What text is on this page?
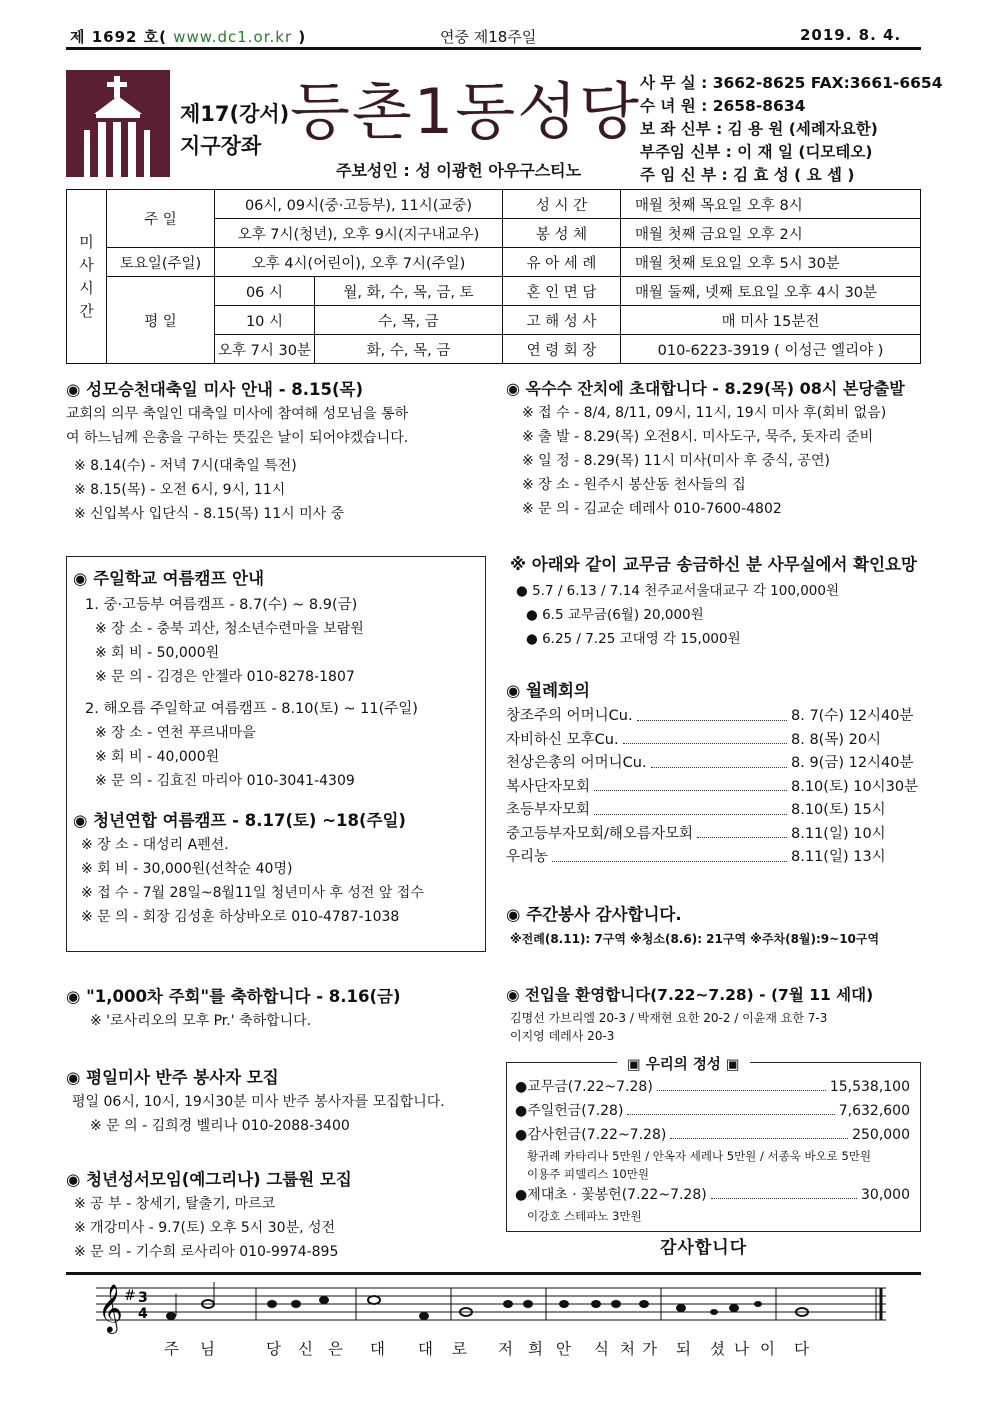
제 1692 호( www.dc1.or.kr )	연중 제18주일	2019. 8. 4.
제17(강서)
지구장좌 등촌1동성당
주보성인 : 성 이광헌 아우구스티노
사 무 실 : 3662-8625 FAX:3661-6654
수 녀 원 : 2658-8634
보 좌 신부 : 김 용 원 (세례자요한)
부주임 신부 : 이 재 일 (디모테오)
주 임 신 부 : 김 효 성 ( 요 셉 )
미
사
시
간	주 일	06시, 09시(중·고등부), 11시(교중)		성 시 간	매월 첫째 목요일 오후 8시
		오후 7시(청년), 오후 9시(지구내교우)		봉 성 체	매월 첫째 금요일 오후 2시
	토요일(주일)	오후 4시(어린이), 오후 7시(주일)		유 아 세 례	매월 첫째 토요일 오후 5시 30분
	평 일	06 시	월, 화, 수, 목, 금, 토	혼 인 면 담	매월 둘째, 넷째 토요일 오후 4시 30분
		10 시	수, 목, 금	고 해 성 사	매 미사 15분전
		오후 7시 30분	화, 수, 목, 금	연 령 회 장	010-6223-3919 ( 이성근 엘리야 )
◉ 성모승천대축일 미사 안내 - 8.15(목)

교회의 의무 축일인 대축일 미사에 참여해 성모님을 통하

여 하느님께 은총을 구하는 뜻깊은 날이 되어야겠습니다.

※ 8.14(수) - 저녁 7시(대축일 특전)

※ 8.15(목) - 오전 6시, 9시, 11시

※ 신입복사 입단식 - 8.15(목) 11시 미사 중

◉ 주일학교 여름캠프 안내

1. 중·고등부 여름캠프 - 8.7(수) ~ 8.9(금)

※ 장 소 - 충북 괴산, 청소년수련마을 보람원

※ 회 비 - 50,000원

※ 문 의 - 김경은 안젤라 010-8278-1807

2. 해오름 주일학교 여름캠프 - 8.10(토) ~ 11(주일)

※ 장 소 - 연천 푸르내마을

※ 회 비 - 40,000원

※ 문 의 - 김효진 마리아 010-3041-4309

◉ 청년연합 여름캠프 - 8.17(토) ~18(주일)

※ 장 소 - 대성리 A펜션.

※ 회 비 - 30,000원(선착순 40명)

※ 접 수 - 7월 28일~8월11일 청년미사 후 성전 앞 접수

※ 문 의 - 회장 김성훈 하상바오로 010-4787-1038

◉ "1,000차 주회"를 축하합니다 - 8.16(금)

※ '로사리오의 모후 Pr.' 축하합니다.

◉ 평일미사 반주 봉사자 모집

평일 06시, 10시, 19시30분 미사 반주 봉사자를 모집합니다.

※ 문 의 - 김희경 벨리나 010-2088-3400

◉ 청년성서모임(예그리나) 그룹원 모집

※ 공 부 - 창세기, 탈출기, 마르코

※ 개강미사 - 9.7(토) 오후 5시 30분, 성전

※ 문 의 - 기수희 로사리아 010-9974-895

◉ 옥수수 잔치에 초대합니다 - 8.29(목) 08시 본당출발

※ 접 수 - 8/4, 8/11, 09시, 11시, 19시 미사 후(회비 없음)

※ 출 발 - 8.29(목) 오전8시. 미사도구, 묵주, 돗자리 준비

※ 일 정 - 8.29(목) 11시 미사(미사 후 중식, 공연)

※ 장 소 - 원주시 봉산동 천사들의 집

※ 문 의 - 김교순 데레사 010-7600-4802

※ 아래와 같이 교무금 송금하신 분 사무실에서 확인요망

● 5.7 / 6.13 / 7.14 천주교서울대교구 각 100,000원

● 6.5 교무금(6월) 20,000원

● 6.25 / 7.25 고대영 각 15,000원

◉ 월례회의
창조주의 어머니Cu.	8. 7(수) 12시40분
자비하신 모후Cu.	8. 8(목) 20시
천상은총의 어머니Cu.	8. 9(금) 12시40분
복사단자모회	8.10(토) 10시30분
초등부자모회	8.10(토) 15시
중고등부자모회/해오름자모회	8.11(일) 10시
우리농	8.11(일) 13시
◉ 주간봉사 감사합니다.

※전례(8.11): 7구역 ※청소(8.6): 21구역 ※주차(8월):9~10구역

◉ 전입을 환영합니다(7.22~7.28) - (7월 11 세대)

김명선 가브리엘 20-3 / 박재현 요한 20-2 / 이윤재 요한 7-3

이지영 데레사 20-3

▣ 우리의 정성 ▣
●교무금(7.22~7.28)	15,538,100
●주일헌금(7.28)	7,632,600
●감사헌금(7.22~7.28)	250,000
황귀례 카타리나 5만원 / 안옥자 세레나 5만원 / 서종욱 바오로 5만원
이용주 피델리스 10만원
●제대초 · 꽃봉헌(7.22~7.28)	30,000
이강호 스테파노 3만원
감사합니다
𝄞 # 3
4
주 님	당 신 은 대 대 로 저 희 안 식 처 가 되 셨 나 이 다
